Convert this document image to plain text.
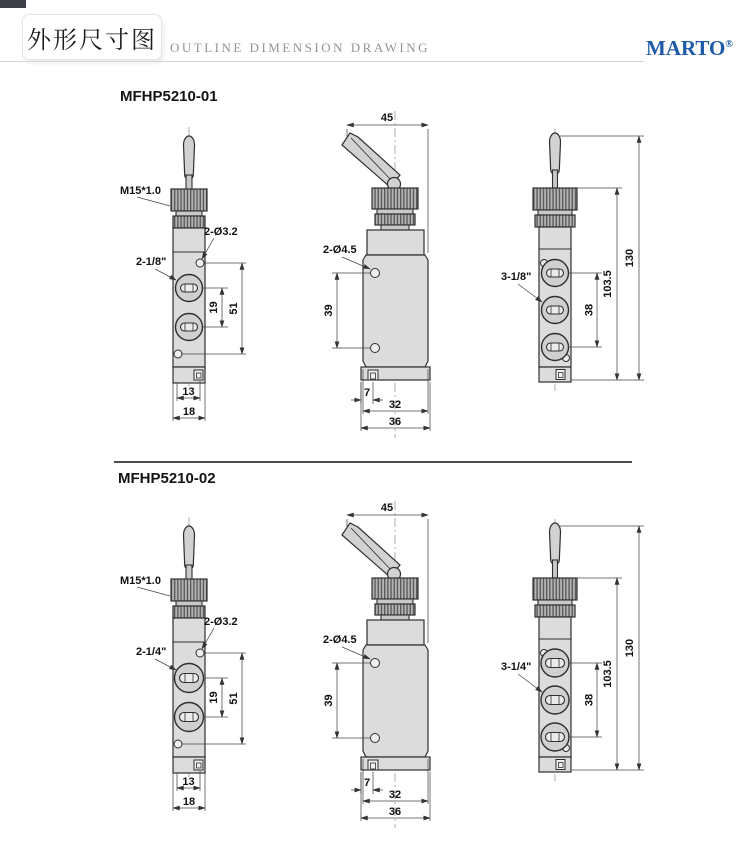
外形尺寸图 OUTLINE DIMENSION DRAWING	MARTO®
MFHP5210-01
M15*1.0
2-Ø3.2
2-1/8"
19 51
13
18
45
2-Ø4.5
39
7
32
36
3-1/8"
38
103.5
130
MFHP5210-02
M15*1.0
2-Ø3.2
2-1/4"
19 51
13
18
45
2-Ø4.5
39
7
32
36
3-1/4"
38
103.5
130
